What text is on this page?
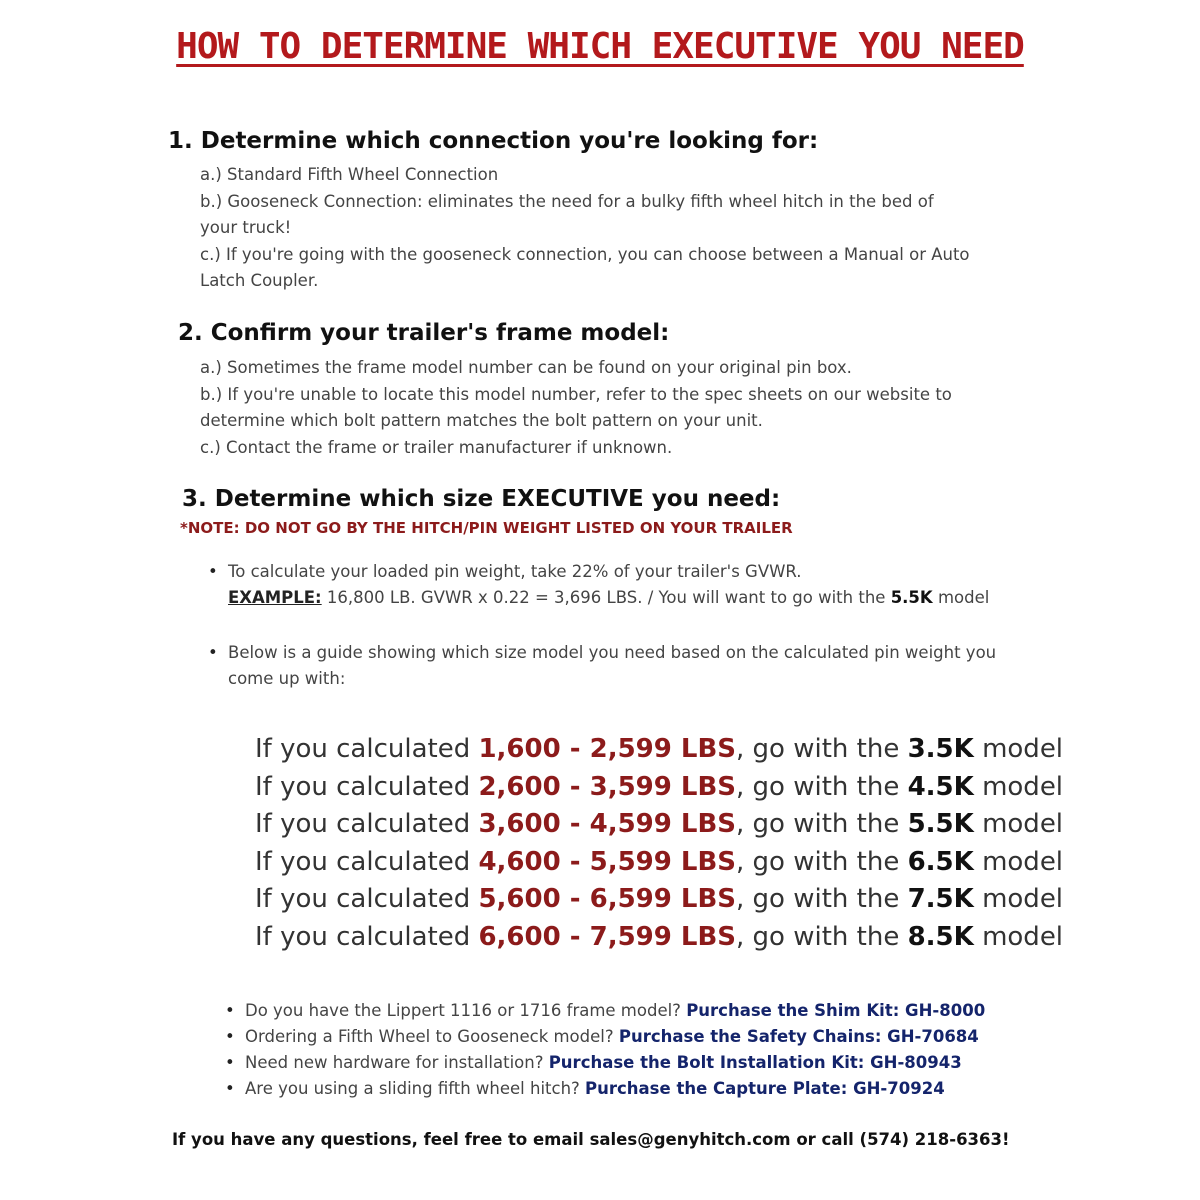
HOW TO DETERMINE WHICH EXECUTIVE YOU NEED
1. Determine which connection you're looking for:
a.) Standard Fifth Wheel Connection
b.) Gooseneck Connection: eliminates the need for a bulky fifth wheel hitch in the bed of
your truck!
c.) If you're going with the gooseneck connection, you can choose between a Manual or Auto
Latch Coupler.
2. Confirm your trailer's frame model:
a.) Sometimes the frame model number can be found on your original pin box.
b.) If you're unable to locate this model number, refer to the spec sheets on our website to
determine which bolt pattern matches the bolt pattern on your unit.
c.) Contact the frame or trailer manufacturer if unknown.
3. Determine which size EXECUTIVE you need:
*NOTE: DO NOT GO BY THE HITCH/PIN WEIGHT LISTED ON YOUR TRAILER
• To calculate your loaded pin weight, take 22% of your trailer's GVWR.
EXAMPLE: 16,800 LB. GVWR x 0.22 = 3,696 LBS. / You will want to go with the 5.5K model
• Below is a guide showing which size model you need based on the calculated pin weight you
come up with:
If you calculated 1,600 - 2,599 LBS, go with the 3.5K model
If you calculated 2,600 - 3,599 LBS, go with the 4.5K model
If you calculated 3,600 - 4,599 LBS, go with the 5.5K model
If you calculated 4,600 - 5,599 LBS, go with the 6.5K model
If you calculated 5,600 - 6,599 LBS, go with the 7.5K model
If you calculated 6,600 - 7,599 LBS, go with the 8.5K model
• Do you have the Lippert 1116 or 1716 frame model? Purchase the Shim Kit: GH-8000
• Ordering a Fifth Wheel to Gooseneck model? Purchase the Safety Chains: GH-70684
• Need new hardware for installation? Purchase the Bolt Installation Kit: GH-80943
• Are you using a sliding fifth wheel hitch? Purchase the Capture Plate: GH-70924
If you have any questions, feel free to email sales@genyhitch.com or call (574) 218-6363!
